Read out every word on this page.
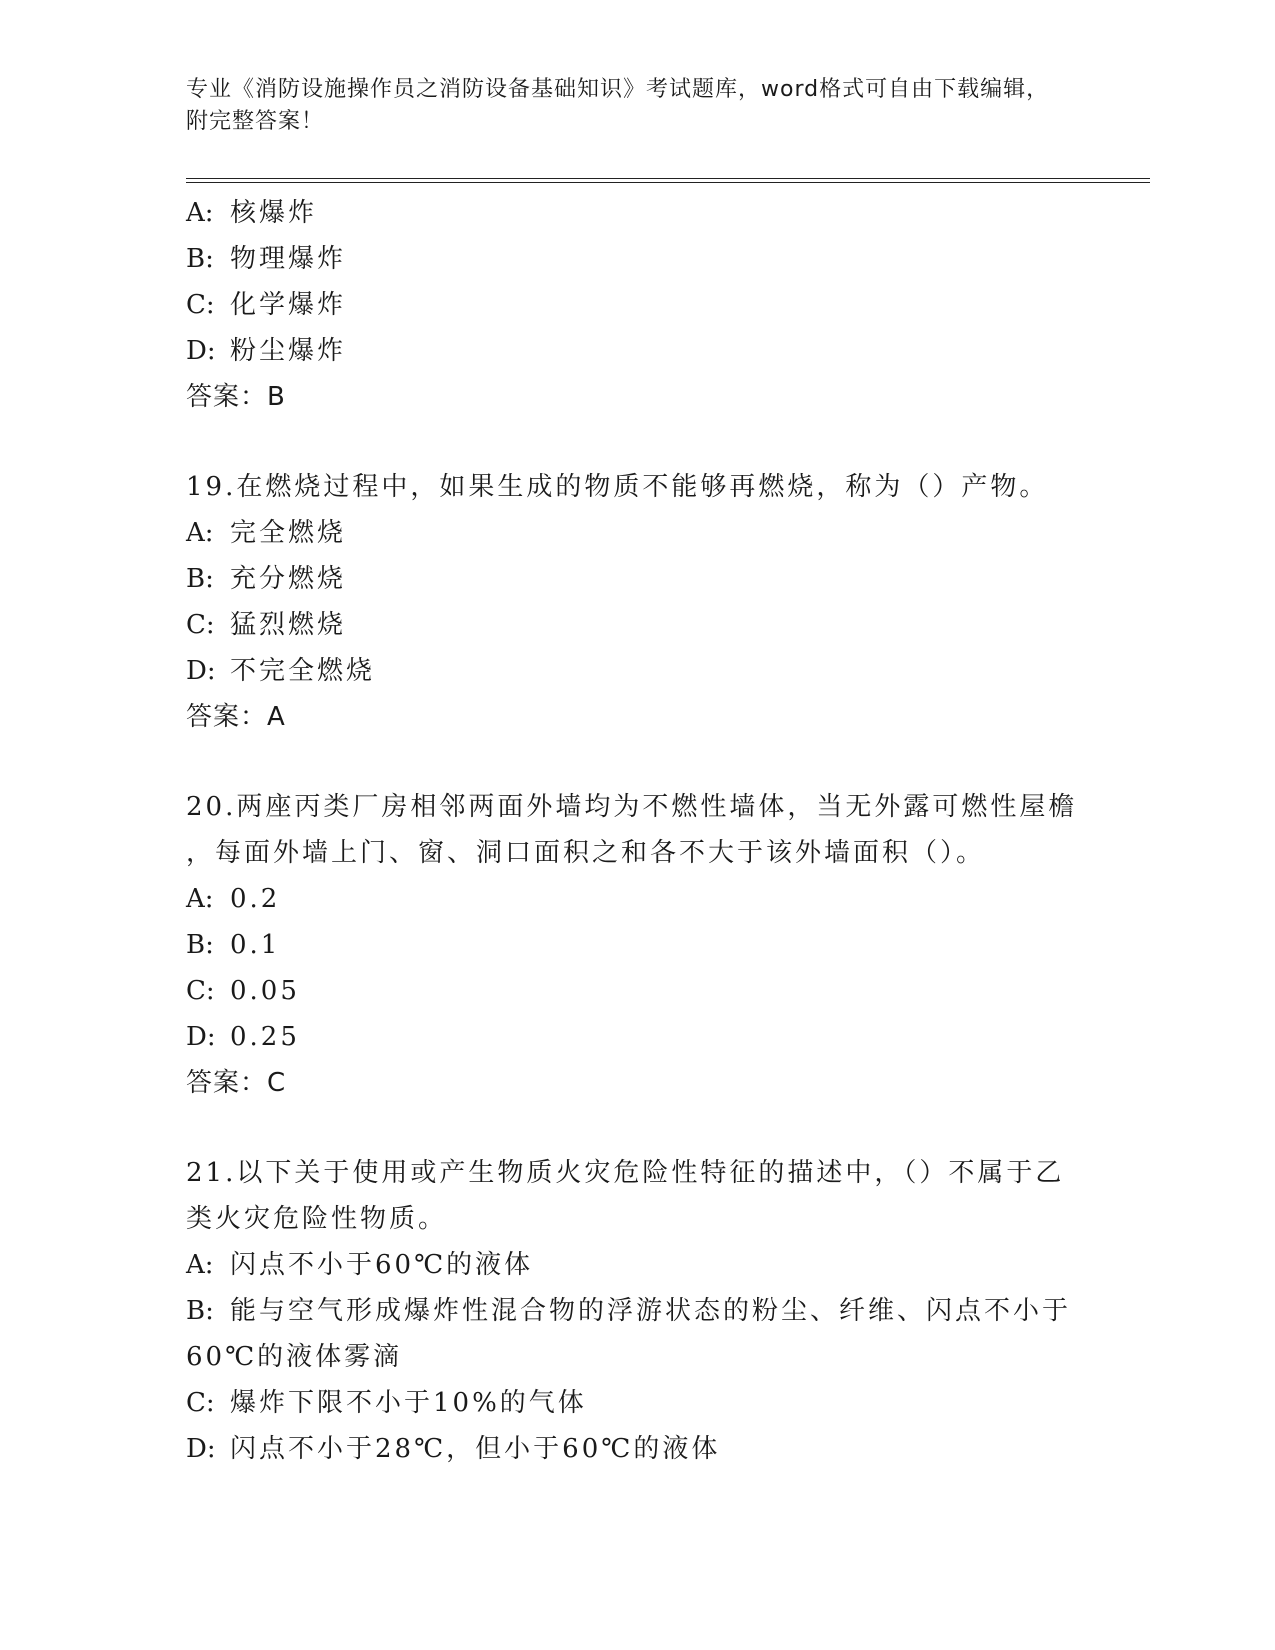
专业《消防设施操作员之消防设备基础知识》考试题库，word格式可自由下载编辑，附完整答案！
A: 核爆炸
B: 物理爆炸
C: 化学爆炸
D: 粉尘爆炸
答案：B
19.在燃烧过程中，如果生成的物质不能够再燃烧，称为（）产物。
A: 完全燃烧
B: 充分燃烧
C: 猛烈燃烧
D: 不完全燃烧
答案：A
20.两座丙类厂房相邻两面外墙均为不燃性墙体，当无外露可燃性屋檐
，每面外墙上门、窗、洞口面积之和各不大于该外墙面积（）。
A: 0.2
B: 0.1
C: 0.05
D: 0.25
答案：C
21.以下关于使用或产生物质火灾危险性特征的描述中，（）不属于乙
类火灾危险性物质。
A: 闪点不小于60℃的液体
B: 能与空气形成爆炸性混合物的浮游状态的粉尘、纤维、闪点不小于
60℃的液体雾滴
C: 爆炸下限不小于10%的气体
D: 闪点不小于28℃，但小于60℃的液体
